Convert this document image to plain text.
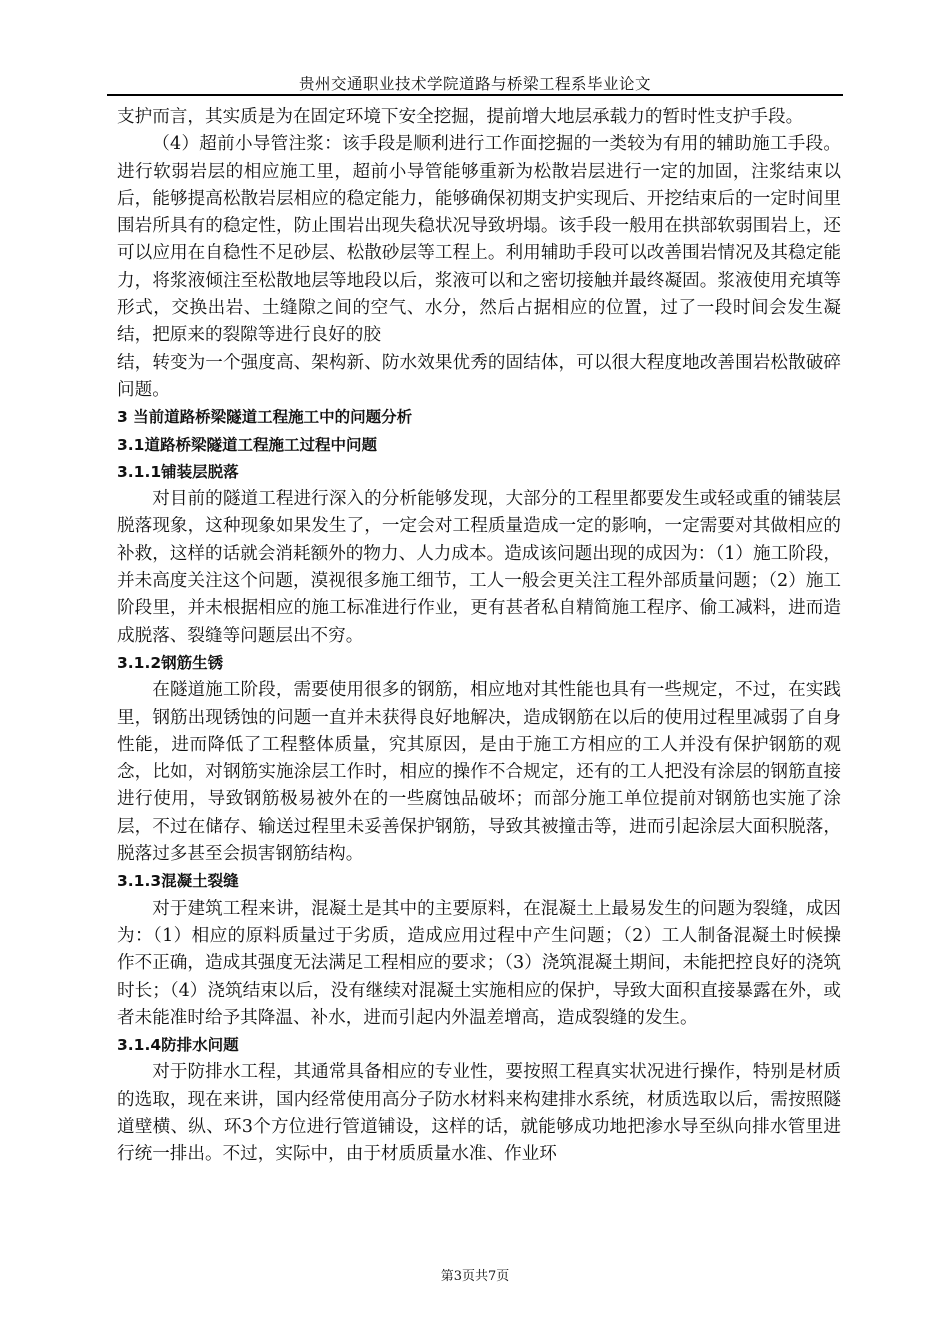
贵州交通职业技术学院道路与桥梁工程系毕业论文

支护而言，其实质是为在固定环境下安全挖掘，提前增大地层承载力的暂时性支护手段。

（4）超前小导管注浆：该手段是顺利进行工作面挖掘的一类较为有用的辅助施工手段。进行软弱岩层的相应施工里，超前小导管能够重新为松散岩层进行一定的加固，注浆结束以后，能够提高松散岩层相应的稳定能力，能够确保初期支护实现后、开挖结束后的一定时间里围岩所具有的稳定性，防止围岩出现失稳状况导致坍塌。该手段一般用在拱部软弱围岩上，还可以应用在自稳性不足砂层、松散砂层等工程上。利用辅助手段可以改善围岩情况及其稳定能力，将浆液倾注至松散地层等地段以后，浆液可以和之密切接触并最终凝固。浆液使用充填等形式，交换出岩、土缝隙之间的空气、水分，然后占据相应的位置，过了一段时间会发生凝结，把原来的裂隙等进行良好的胶

结，转变为一个强度高、架构新、防水效果优秀的固结体，可以很大程度地改善围岩松散破碎问题。

3 当前道路桥梁隧道工程施工中的问题分析

3.1道路桥梁隧道工程施工过程中问题

3.1.1铺装层脱落

对目前的隧道工程进行深入的分析能够发现，大部分的工程里都要发生或轻或重的铺装层脱落现象，这种现象如果发生了，一定会对工程质量造成一定的影响，一定需要对其做相应的补救，这样的话就会消耗额外的物力、人力成本。造成该问题出现的成因为：（1）施工阶段，并未高度关注这个问题，漠视很多施工细节，工人一般会更关注工程外部质量问题；（2）施工阶段里，并未根据相应的施工标准进行作业，更有甚者私自精简施工程序、偷工减料，进而造成脱落、裂缝等问题层出不穷。

3.1.2钢筋生锈

在隧道施工阶段，需要使用很多的钢筋，相应地对其性能也具有一些规定，不过，在实践里，钢筋出现锈蚀的问题一直并未获得良好地解决，造成钢筋在以后的使用过程里减弱了自身性能，进而降低了工程整体质量，究其原因，是由于施工方相应的工人并没有保护钢筋的观念，比如，对钢筋实施涂层工作时，相应的操作不合规定，还有的工人把没有涂层的钢筋直接进行使用，导致钢筋极易被外在的一些腐蚀品破坏；而部分施工单位提前对钢筋也实施了涂层，不过在储存、输送过程里未妥善保护钢筋，导致其被撞击等，进而引起涂层大面积脱落，脱落过多甚至会损害钢筋结构。

3.1.3混凝土裂缝

对于建筑工程来讲，混凝土是其中的主要原料，在混凝土上最易发生的问题为裂缝，成因为：（1）相应的原料质量过于劣质，造成应用过程中产生问题；（2）工人制备混凝土时候操作不正确，造成其强度无法满足工程相应的要求；（3）浇筑混凝土期间，未能把控良好的浇筑时长；（4）浇筑结束以后，没有继续对混凝土实施相应的保护，导致大面积直接暴露在外，或者未能准时给予其降温、补水，进而引起内外温差增高，造成裂缝的发生。

3.1.4防排水问题

对于防排水工程，其通常具备相应的专业性，要按照工程真实状况进行操作，特别是材质的选取，现在来讲，国内经常使用高分子防水材料来构建排水系统，材质选取以后，需按照隧道壁横、纵、环3个方位进行管道铺设，这样的话，就能够成功地把渗水导至纵向排水管里进行统一排出。不过，实际中，由于材质质量水准、作业环

第3页共7页
